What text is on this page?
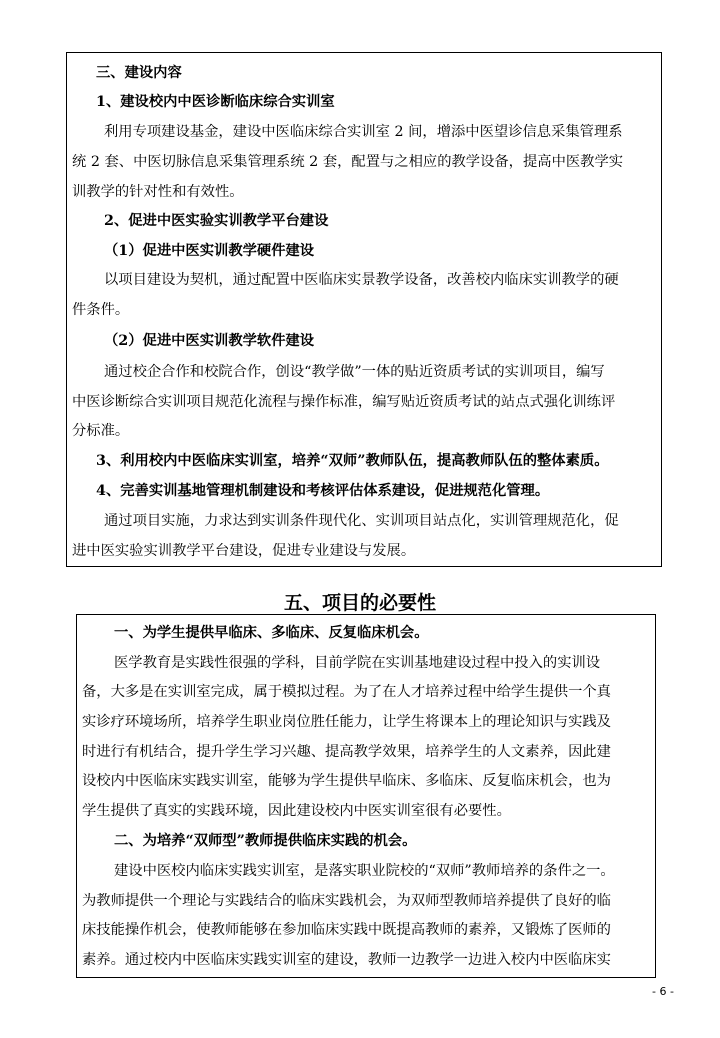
三、建设内容
1、建设校内中医诊断临床综合实训室
利用专项建设基金，建设中医临床综合实训室 2 间，增添中医望诊信息采集管理系
统 2 套、中医切脉信息采集管理系统 2 套，配置与之相应的教学设备，提高中医教学实
训教学的针对性和有效性。
2、促进中医实验实训教学平台建设
（1）促进中医实训教学硬件建设
以项目建设为契机，通过配置中医临床实景教学设备，改善校内临床实训教学的硬
件条件。
（2）促进中医实训教学软件建设
通过校企合作和校院合作，创设“教学做”一体的贴近资质考试的实训项目，编写
中医诊断综合实训项目规范化流程与操作标准，编写贴近资质考试的站点式强化训练评
分标准。
3、利用校内中医临床实训室，培养“双师”教师队伍，提高教师队伍的整体素质。
4、完善实训基地管理机制建设和考核评估体系建设，促进规范化管理。
通过项目实施，力求达到实训条件现代化、实训项目站点化，实训管理规范化，促
进中医实验实训教学平台建设，促进专业建设与发展。
五、项目的必要性
一、为学生提供早临床、多临床、反复临床机会。
医学教育是实践性很强的学科，目前学院在实训基地建设过程中投入的实训设
备，大多是在实训室完成，属于模拟过程。为了在人才培养过程中给学生提供一个真
实诊疗环境场所，培养学生职业岗位胜任能力，让学生将课本上的理论知识与实践及
时进行有机结合，提升学生学习兴趣、提高教学效果，培养学生的人文素养，因此建
设校内中医临床实践实训室，能够为学生提供早临床、多临床、反复临床机会，也为
学生提供了真实的实践环境，因此建设校内中医实训室很有必要性。
二、为培养“双师型”教师提供临床实践的机会。
建设中医校内临床实践实训室，是落实职业院校的“双师”教师培养的条件之一。
为教师提供一个理论与实践结合的临床实践机会，为双师型教师培养提供了良好的临
床技能操作机会，使教师能够在参加临床实践中既提高教师的素养，又锻炼了医师的
素养。通过校内中医临床实践实训室的建设，教师一边教学一边进入校内中医临床实
- 6 -
